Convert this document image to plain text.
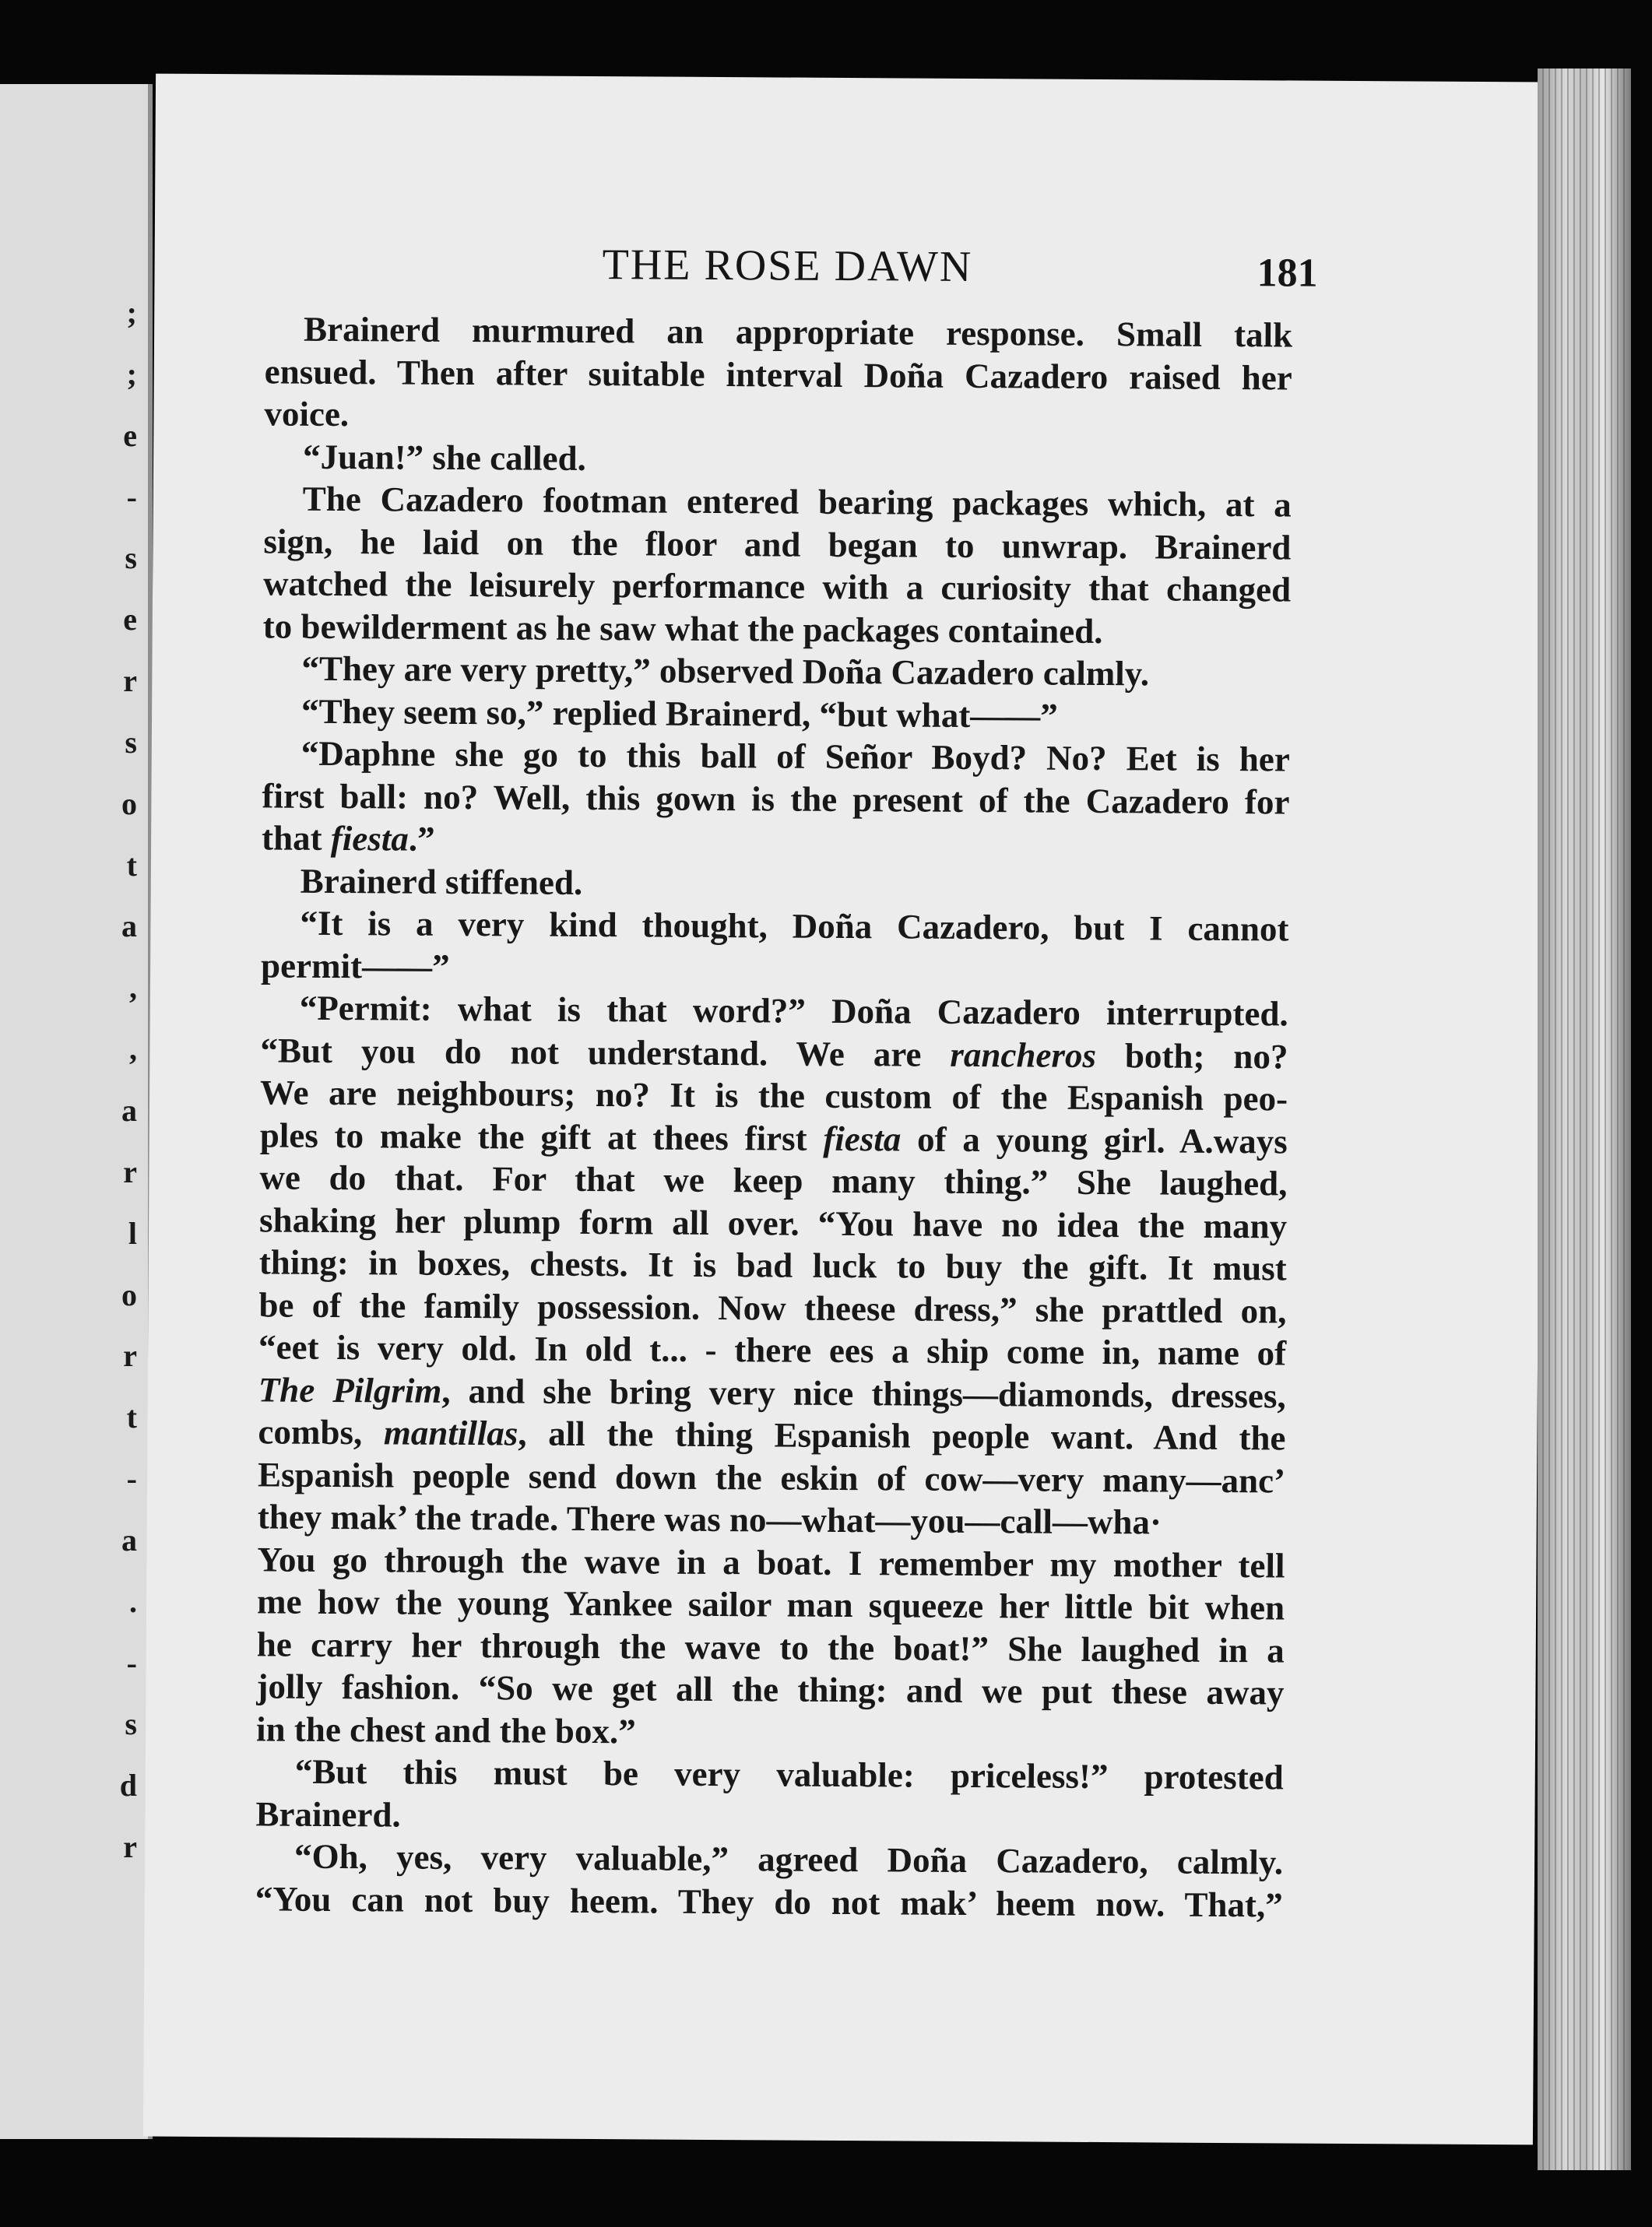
;
;
e
-
s
e
r
s
o
t
a
,
,
a
r
l
o
r
t
-
a
.
-
s
d
r
THE ROSE DAWN	181
Brainerd murmured an appropriate response. Small talk
ensued. Then after suitable interval Doña Cazadero raised her
voice.
“Juan!” she called.
The Cazadero footman entered bearing packages which, at a
sign, he laid on the floor and began to unwrap. Brainerd
watched the leisurely performance with a curiosity that changed
to bewilderment as he saw what the packages contained.
“They are very pretty,” observed Doña Cazadero calmly.
“They seem so,” replied Brainerd, “but what——”
“Daphne she go to this ball of Señor Boyd? No? Eet is her
first ball: no? Well, this gown is the present of the Cazadero for
that fiesta.”
Brainerd stiffened.
“It is a very kind thought, Doña Cazadero, but I cannot
permit——”
“Permit: what is that word?” Doña Cazadero interrupted.
“But you do not understand. We are rancheros both; no?
We are neighbours; no? It is the custom of the Espanish peo-
ples to make the gift at thees first fiesta of a young girl. A.ways
we do that. For that we keep many thing.” She laughed,
shaking her plump form all over. “You have no idea the many
thing: in boxes, chests. It is bad luck to buy the gift. It must
be of the family possession. Now theese dress,” she prattled on,
“eet is very old. In old t... - there ees a ship come in, name of
The Pilgrim, and she bring very nice things—diamonds, dresses,
combs, mantillas, all the thing Espanish people want. And the
Espanish people send down the eskin of cow—very many—anc’
they mak’ the trade. There was no—what—you—call—wha·
You go through the wave in a boat. I remember my mother tell
me how the young Yankee sailor man squeeze her little bit when
he carry her through the wave to the boat!” She laughed in a
jolly fashion. “So we get all the thing: and we put these away
in the chest and the box.”
“But this must be very valuable: priceless!” protested
Brainerd.
“Oh, yes, very valuable,” agreed Doña Cazadero, calmly.
“You can not buy heem. They do not mak’ heem now. That,”
